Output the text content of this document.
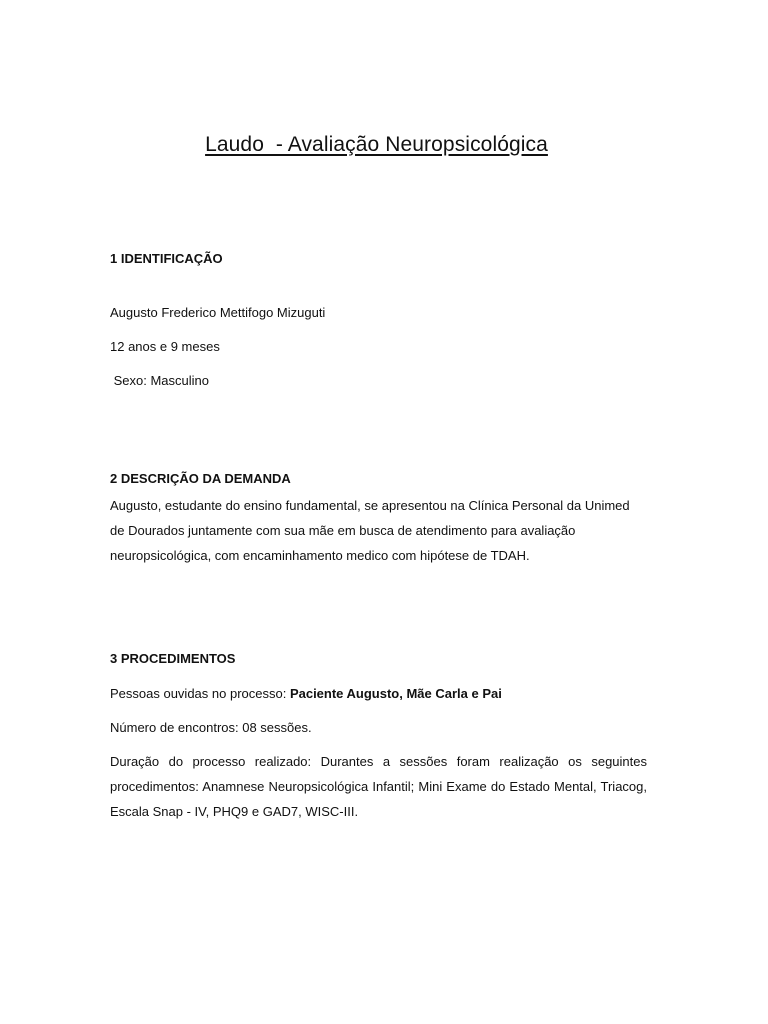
Laudo  - Avaliação Neuropsicológica

1 IDENTIFICAÇÃO

Augusto Frederico Mettifogo Mizuguti

12 anos e 9 meses

Sexo: Masculino

2 DESCRIÇÃO DA DEMANDA

Augusto, estudante do ensino fundamental, se apresentou na Clínica Personal da Unimed de Dourados juntamente com sua mãe em busca de atendimento para avaliação neuropsicológica, com encaminhamento medico com hipótese de TDAH.

3 PROCEDIMENTOS

Pessoas ouvidas no processo: Paciente Augusto, Mãe Carla e Pai

Número de encontros: 08 sessões.

Duração do processo realizado: Durantes a sessões foram realização os seguintes procedimentos: Anamnese Neuropsicológica Infantil; Mini Exame do Estado Mental, Triacog, Escala Snap - IV, PHQ9 e GAD7, WISC-III.
